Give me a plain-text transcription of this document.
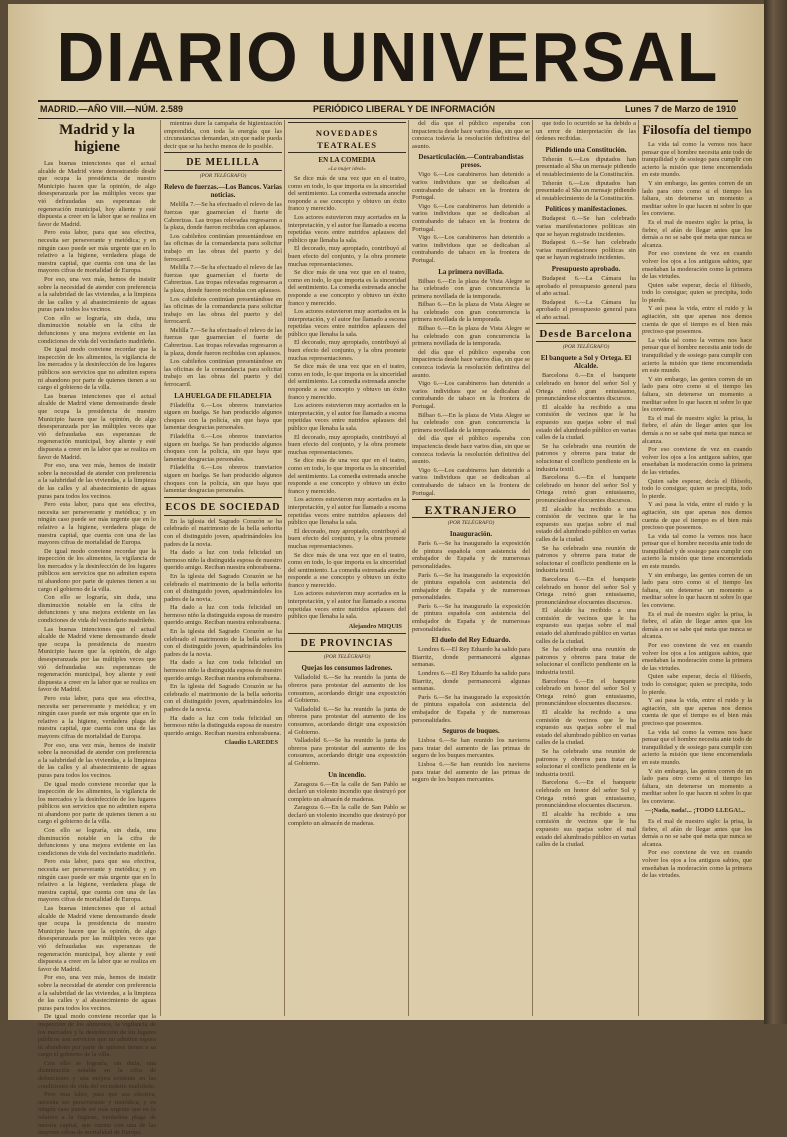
DIARIO UNIVERSAL
MADRID.—AÑO VIII.—NÚM. 2.589	PERIÓDICO LIBERAL Y DE INFORMACIÓN	Lunes 7 de Marzo de 1910
Madrid y la higiene

Las buenas intenciones que el actual alcalde de Madrid viene demostrando desde que ocupa la presidencia de nuestro Municipio hacen que la opinión, de algo desesperanzada por las múltiples veces que vió defraudadas sus esperanzas de regeneración municipal, hoy aliente y esté dispuesta a creer en la labor que se realiza en favor de Madrid.

Pero esta labor, para que sea efectiva, necesita ser perseverante y metódica; y en ningún caso puede ser más urgente que en lo relativo a la higiene, verdadera plaga de nuestra capital, que cuenta con una de las mayores cifras de mortalidad de Europa.

Por eso, una vez más, hemos de insistir sobre la necesidad de atender con preferencia a la salubridad de las viviendas, a la limpieza de las calles y al abastecimiento de aguas puras para todos los vecinos.

Con ello se lograría, sin duda, una disminución notable en la cifra de defunciones y una mejora evidente en las condiciones de vida del vecindario madrileño.

De igual modo conviene recordar que la inspección de los alimentos, la vigilancia de los mercados y la desinfección de los lugares públicos son servicios que no admiten espera ni abandono por parte de quienes tienen a su cargo el gobierno de la villa.

Las buenas intenciones que el actual alcalde de Madrid viene demostrando desde que ocupa la presidencia de nuestro Municipio hacen que la opinión, de algo desesperanzada por las múltiples veces que vió defraudadas sus esperanzas de regeneración municipal, hoy aliente y esté dispuesta a creer en la labor que se realiza en favor de Madrid.

Por eso, una vez más, hemos de insistir sobre la necesidad de atender con preferencia a la salubridad de las viviendas, a la limpieza de las calles y al abastecimiento de aguas puras para todos los vecinos.

Pero esta labor, para que sea efectiva, necesita ser perseverante y metódica; y en ningún caso puede ser más urgente que en lo relativo a la higiene, verdadera plaga de nuestra capital, que cuenta con una de las mayores cifras de mortalidad de Europa.

De igual modo conviene recordar que la inspección de los alimentos, la vigilancia de los mercados y la desinfección de los lugares públicos son servicios que no admiten espera ni abandono por parte de quienes tienen a su cargo el gobierno de la villa.

Con ello se lograría, sin duda, una disminución notable en la cifra de defunciones y una mejora evidente en las condiciones de vida del vecindario madrileño.

Las buenas intenciones que el actual alcalde de Madrid viene demostrando desde que ocupa la presidencia de nuestro Municipio hacen que la opinión, de algo desesperanzada por las múltiples veces que vió defraudadas sus esperanzas de regeneración municipal, hoy aliente y esté dispuesta a creer en la labor que se realiza en favor de Madrid.

Pero esta labor, para que sea efectiva, necesita ser perseverante y metódica; y en ningún caso puede ser más urgente que en lo relativo a la higiene, verdadera plaga de nuestra capital, que cuenta con una de las mayores cifras de mortalidad de Europa.

Por eso, una vez más, hemos de insistir sobre la necesidad de atender con preferencia a la salubridad de las viviendas, a la limpieza de las calles y al abastecimiento de aguas puras para todos los vecinos.

De igual modo conviene recordar que la inspección de los alimentos, la vigilancia de los mercados y la desinfección de los lugares públicos son servicios que no admiten espera ni abandono por parte de quienes tienen a su cargo el gobierno de la villa.

Con ello se lograría, sin duda, una disminución notable en la cifra de defunciones y una mejora evidente en las condiciones de vida del vecindario madrileño.

Pero esta labor, para que sea efectiva, necesita ser perseverante y metódica; y en ningún caso puede ser más urgente que en lo relativo a la higiene, verdadera plaga de nuestra capital, que cuenta con una de las mayores cifras de mortalidad de Europa.

Las buenas intenciones que el actual alcalde de Madrid viene demostrando desde que ocupa la presidencia de nuestro Municipio hacen que la opinión, de algo desesperanzada por las múltiples veces que vió defraudadas sus esperanzas de regeneración municipal, hoy aliente y esté dispuesta a creer en la labor que se realiza en favor de Madrid.

Por eso, una vez más, hemos de insistir sobre la necesidad de atender con preferencia a la salubridad de las viviendas, a la limpieza de las calles y al abastecimiento de aguas puras para todos los vecinos.

De igual modo conviene recordar que la inspección de los alimentos, la vigilancia de los mercados y la desinfección de los lugares públicos son servicios que no admiten espera ni abandono por parte de quienes tienen a su cargo el gobierno de la villa.

Con ello se lograría, sin duda, una disminución notable en la cifra de defunciones y una mejora evidente en las condiciones de vida del vecindario madrileño.

Pero esta labor, para que sea efectiva, necesita ser perseverante y metódica; y en ningún caso puede ser más urgente que en lo relativo a la higiene, verdadera plaga de nuestra capital, que cuenta con una de las mayores cifras de mortalidad de Europa.

mientras dure la campaña de higienización emprendida, con toda la energía que las circunstancias demandan, sin que nadie pueda decir que se ha hecho menos de lo posible.

DE MELILLA
(POR TELÉGRAFO)
Relevo de fuerzas.—Los Bancos. Varias noticias.

Melilla 7.—Se ha efectuado el relevo de las fuerzas que guarnecían el fuerte de Cabrerizas. Las tropas relevadas regresaron a la plaza, donde fueron recibidas con aplausos.

Los cabileños continúan presentándose en las oficinas de la comandancia para solicitar trabajo en las obras del puerto y del ferrocarril.

Melilla 7.—Se ha efectuado el relevo de las fuerzas que guarnecían el fuerte de Cabrerizas. Las tropas relevadas regresaron a la plaza, donde fueron recibidas con aplausos.

Los cabileños continúan presentándose en las oficinas de la comandancia para solicitar trabajo en las obras del puerto y del ferrocarril.

Melilla 7.—Se ha efectuado el relevo de las fuerzas que guarnecían el fuerte de Cabrerizas. Las tropas relevadas regresaron a la plaza, donde fueron recibidas con aplausos.

Los cabileños continúan presentándose en las oficinas de la comandancia para solicitar trabajo en las obras del puerto y del ferrocarril.

LA HUELGA DE FILADELFIA

Filadelfia 6.—Los obreros tranviarios siguen en huelga. Se han producido algunos choques con la policía, sin que haya que lamentar desgracias personales.

Filadelfia 6.—Los obreros tranviarios siguen en huelga. Se han producido algunos choques con la policía, sin que haya que lamentar desgracias personales.

Filadelfia 6.—Los obreros tranviarios siguen en huelga. Se han producido algunos choques con la policía, sin que haya que lamentar desgracias personales.

ECOS DE SOCIEDAD

En la iglesia del Sagrado Corazón se ha celebrado el matrimonio de la bella señorita con el distinguido joven, apadrinándoles los padres de la novia.

Ha dado a luz con toda felicidad un hermoso niño la distinguida esposa de nuestro querido amigo. Reciban nuestra enhorabuena.

En la iglesia del Sagrado Corazón se ha celebrado el matrimonio de la bella señorita con el distinguido joven, apadrinándoles los padres de la novia.

Ha dado a luz con toda felicidad un hermoso niño la distinguida esposa de nuestro querido amigo. Reciban nuestra enhorabuena.

En la iglesia del Sagrado Corazón se ha celebrado el matrimonio de la bella señorita con el distinguido joven, apadrinándoles los padres de la novia.

Ha dado a luz con toda felicidad un hermoso niño la distinguida esposa de nuestro querido amigo. Reciban nuestra enhorabuena.

En la iglesia del Sagrado Corazón se ha celebrado el matrimonio de la bella señorita con el distinguido joven, apadrinándoles los padres de la novia.

Ha dado a luz con toda felicidad un hermoso niño la distinguida esposa de nuestro querido amigo. Reciban nuestra enhorabuena.

Claudio LAREDES
NOVEDADES TEATRALES
EN LA COMEDIA
«La mujer ideal»

Se dice más de una vez que en el teatro, como en todo, lo que importa es la sinceridad del sentimiento. La comedia estrenada anoche responde a ese concepto y obtuvo un éxito franco y merecido.

Los actores estuvieron muy acertados en la interpretación, y el autor fue llamado a escena repetidas veces entre nutridos aplausos del público que llenaba la sala.

El decorado, muy apropiado, contribuyó al buen efecto del conjunto, y la obra promete muchas representaciones.

Se dice más de una vez que en el teatro, como en todo, lo que importa es la sinceridad del sentimiento. La comedia estrenada anoche responde a ese concepto y obtuvo un éxito franco y merecido.

Los actores estuvieron muy acertados en la interpretación, y el autor fue llamado a escena repetidas veces entre nutridos aplausos del público que llenaba la sala.

El decorado, muy apropiado, contribuyó al buen efecto del conjunto, y la obra promete muchas representaciones.

Se dice más de una vez que en el teatro, como en todo, lo que importa es la sinceridad del sentimiento. La comedia estrenada anoche responde a ese concepto y obtuvo un éxito franco y merecido.

Los actores estuvieron muy acertados en la interpretación, y el autor fue llamado a escena repetidas veces entre nutridos aplausos del público que llenaba la sala.

El decorado, muy apropiado, contribuyó al buen efecto del conjunto, y la obra promete muchas representaciones.

Se dice más de una vez que en el teatro, como en todo, lo que importa es la sinceridad del sentimiento. La comedia estrenada anoche responde a ese concepto y obtuvo un éxito franco y merecido.

Los actores estuvieron muy acertados en la interpretación, y el autor fue llamado a escena repetidas veces entre nutridos aplausos del público que llenaba la sala.

El decorado, muy apropiado, contribuyó al buen efecto del conjunto, y la obra promete muchas representaciones.

Se dice más de una vez que en el teatro, como en todo, lo que importa es la sinceridad del sentimiento. La comedia estrenada anoche responde a ese concepto y obtuvo un éxito franco y merecido.

Los actores estuvieron muy acertados en la interpretación, y el autor fue llamado a escena repetidas veces entre nutridos aplausos del público que llenaba la sala.

Alejandro MIQUIS
DE PROVINCIAS
(POR TELÉGRAFO)
Quejas los consumos ladrones.

Valladolid 6.—Se ha reunido la junta de obreros para protestar del aumento de los consumos, acordando dirigir una exposición al Gobierno.

Valladolid 6.—Se ha reunido la junta de obreros para protestar del aumento de los consumos, acordando dirigir una exposición al Gobierno.

Valladolid 6.—Se ha reunido la junta de obreros para protestar del aumento de los consumos, acordando dirigir una exposición al Gobierno.

Un incendio.

Zaragoza 6.—En la calle de San Pablo se declaró un violento incendio que destruyó por completo un almacén de maderas.

Zaragoza 6.—En la calle de San Pablo se declaró un violento incendio que destruyó por completo un almacén de maderas.

del día que el público esperaba con impaciencia desde hace varios días, sin que se conozca todavía la resolución definitiva del asunto.

Desarticulación.—Contrabandistas presos.

Vigo 6.—Los carabineros han detenido a varios individuos que se dedicaban al contrabando de tabaco en la frontera de Portugal.

Vigo 6.—Los carabineros han detenido a varios individuos que se dedicaban al contrabando de tabaco en la frontera de Portugal.

Vigo 6.—Los carabineros han detenido a varios individuos que se dedicaban al contrabando de tabaco en la frontera de Portugal.

La primera novillada.

Bilbao 6.—En la plaza de Vista Alegre se ha celebrado con gran concurrencia la primera novillada de la temporada.

Bilbao 6.—En la plaza de Vista Alegre se ha celebrado con gran concurrencia la primera novillada de la temporada.

Bilbao 6.—En la plaza de Vista Alegre se ha celebrado con gran concurrencia la primera novillada de la temporada.

del día que el público esperaba con impaciencia desde hace varios días, sin que se conozca todavía la resolución definitiva del asunto.

Vigo 6.—Los carabineros han detenido a varios individuos que se dedicaban al contrabando de tabaco en la frontera de Portugal.

Bilbao 6.—En la plaza de Vista Alegre se ha celebrado con gran concurrencia la primera novillada de la temporada.

del día que el público esperaba con impaciencia desde hace varios días, sin que se conozca todavía la resolución definitiva del asunto.

Vigo 6.—Los carabineros han detenido a varios individuos que se dedicaban al contrabando de tabaco en la frontera de Portugal.

EXTRANJERO
(POR TELÉGRAFO)
Inauguración.

París 6.—Se ha inaugurado la exposición de pintura española con asistencia del embajador de España y de numerosas personalidades.

París 6.—Se ha inaugurado la exposición de pintura española con asistencia del embajador de España y de numerosas personalidades.

París 6.—Se ha inaugurado la exposición de pintura española con asistencia del embajador de España y de numerosas personalidades.

El duelo del Rey Eduardo.

Londres 6.—El Rey Eduardo ha salido para Biarritz, donde permanecerá algunas semanas.

Londres 6.—El Rey Eduardo ha salido para Biarritz, donde permanecerá algunas semanas.

París 6.—Se ha inaugurado la exposición de pintura española con asistencia del embajador de España y de numerosas personalidades.

Seguros de buques.

Lisboa 6.—Se han reunido los navieros para tratar del aumento de las primas de seguro de los buques mercantes.

Lisboa 6.—Se han reunido los navieros para tratar del aumento de las primas de seguro de los buques mercantes.

que todo lo ocurrido se ha debido a un error de interpretación de las órdenes recibidas.

Pidiendo una Constitución.

Teherán 6.—Los diputados han presentado al Sha un mensaje pidiendo el restablecimiento de la Constitución.

Teherán 6.—Los diputados han presentado al Sha un mensaje pidiendo el restablecimiento de la Constitución.

Políticos y manifestaciones.

Budapest 6.—Se han celebrado varias manifestaciones políticas sin que se hayan registrado incidentes.

Budapest 6.—Se han celebrado varias manifestaciones políticas sin que se hayan registrado incidentes.

Presupuesto aprobado.

Budapest 6.—La Cámara ha aprobado el presupuesto general para el año actual.

Budapest 6.—La Cámara ha aprobado el presupuesto general para el año actual.

Desde Barcelona
(POR TELÉGRAFO)
El banquete a Sol y Ortega. El Alcalde.

Barcelona 6.—En el banquete celebrado en honor del señor Sol y Ortega reinó gran entusiasmo, pronunciándose elocuentes discursos.

El alcalde ha recibido a una comisión de vecinos que le ha expuesto sus quejas sobre el mal estado del alumbrado público en varias calles de la ciudad.

Se ha celebrado una reunión de patronos y obreros para tratar de solucionar el conflicto pendiente en la industria textil.

Barcelona 6.—En el banquete celebrado en honor del señor Sol y Ortega reinó gran entusiasmo, pronunciándose elocuentes discursos.

El alcalde ha recibido a una comisión de vecinos que le ha expuesto sus quejas sobre el mal estado del alumbrado público en varias calles de la ciudad.

Se ha celebrado una reunión de patronos y obreros para tratar de solucionar el conflicto pendiente en la industria textil.

Barcelona 6.—En el banquete celebrado en honor del señor Sol y Ortega reinó gran entusiasmo, pronunciándose elocuentes discursos.

El alcalde ha recibido a una comisión de vecinos que le ha expuesto sus quejas sobre el mal estado del alumbrado público en varias calles de la ciudad.

Se ha celebrado una reunión de patronos y obreros para tratar de solucionar el conflicto pendiente en la industria textil.

Barcelona 6.—En el banquete celebrado en honor del señor Sol y Ortega reinó gran entusiasmo, pronunciándose elocuentes discursos.

El alcalde ha recibido a una comisión de vecinos que le ha expuesto sus quejas sobre el mal estado del alumbrado público en varias calles de la ciudad.

Se ha celebrado una reunión de patronos y obreros para tratar de solucionar el conflicto pendiente en la industria textil.

Barcelona 6.—En el banquete celebrado en honor del señor Sol y Ortega reinó gran entusiasmo, pronunciándose elocuentes discursos.

El alcalde ha recibido a una comisión de vecinos que le ha expuesto sus quejas sobre el mal estado del alumbrado público en varias calles de la ciudad.

Filosofía del tiempo

La vida tal como la vemos nos hace pensar que el hombre necesita ante todo de tranquilidad y de sosiego para cumplir con acierto la misión que tiene encomendada en este mundo.

Y sin embargo, las gentes corren de un lado para otro como si el tiempo les faltara, sin detenerse un momento a meditar sobre lo que hacen ni sobre lo que les conviene.

Es el mal de nuestro siglo: la prisa, la fiebre, el afán de llegar antes que los demás a no se sabe qué meta que nunca se alcanza.

Por eso conviene de vez en cuando volver los ojos a los antiguos sabios, que enseñaban la moderación como la primera de las virtudes.

Quien sabe esperar, decía el filósofo, todo lo consigue; quien se precipita, todo lo pierde.

Y así pasa la vida, entre el ruido y la agitación, sin que apenas nos demos cuenta de que el tiempo es el bien más precioso que poseemos.

La vida tal como la vemos nos hace pensar que el hombre necesita ante todo de tranquilidad y de sosiego para cumplir con acierto la misión que tiene encomendada en este mundo.

Y sin embargo, las gentes corren de un lado para otro como si el tiempo les faltara, sin detenerse un momento a meditar sobre lo que hacen ni sobre lo que les conviene.

Es el mal de nuestro siglo: la prisa, la fiebre, el afán de llegar antes que los demás a no se sabe qué meta que nunca se alcanza.

Por eso conviene de vez en cuando volver los ojos a los antiguos sabios, que enseñaban la moderación como la primera de las virtudes.

Quien sabe esperar, decía el filósofo, todo lo consigue; quien se precipita, todo lo pierde.

Y así pasa la vida, entre el ruido y la agitación, sin que apenas nos demos cuenta de que el tiempo es el bien más precioso que poseemos.

La vida tal como la vemos nos hace pensar que el hombre necesita ante todo de tranquilidad y de sosiego para cumplir con acierto la misión que tiene encomendada en este mundo.

Y sin embargo, las gentes corren de un lado para otro como si el tiempo les faltara, sin detenerse un momento a meditar sobre lo que hacen ni sobre lo que les conviene.

Es el mal de nuestro siglo: la prisa, la fiebre, el afán de llegar antes que los demás a no se sabe qué meta que nunca se alcanza.

Por eso conviene de vez en cuando volver los ojos a los antiguos sabios, que enseñaban la moderación como la primera de las virtudes.

Quien sabe esperar, decía el filósofo, todo lo consigue; quien se precipita, todo lo pierde.

Y así pasa la vida, entre el ruido y la agitación, sin que apenas nos demos cuenta de que el tiempo es el bien más precioso que poseemos.

La vida tal como la vemos nos hace pensar que el hombre necesita ante todo de tranquilidad y de sosiego para cumplir con acierto la misión que tiene encomendada en este mundo.

Y sin embargo, las gentes corren de un lado para otro como si el tiempo les faltara, sin detenerse un momento a meditar sobre lo que hacen ni sobre lo que les conviene.

—¡Nada, nada!... ¡TODO LLEGA!...

Es el mal de nuestro siglo: la prisa, la fiebre, el afán de llegar antes que los demás a no se sabe qué meta que nunca se alcanza.

Por eso conviene de vez en cuando volver los ojos a los antiguos sabios, que enseñaban la moderación como la primera de las virtudes.
